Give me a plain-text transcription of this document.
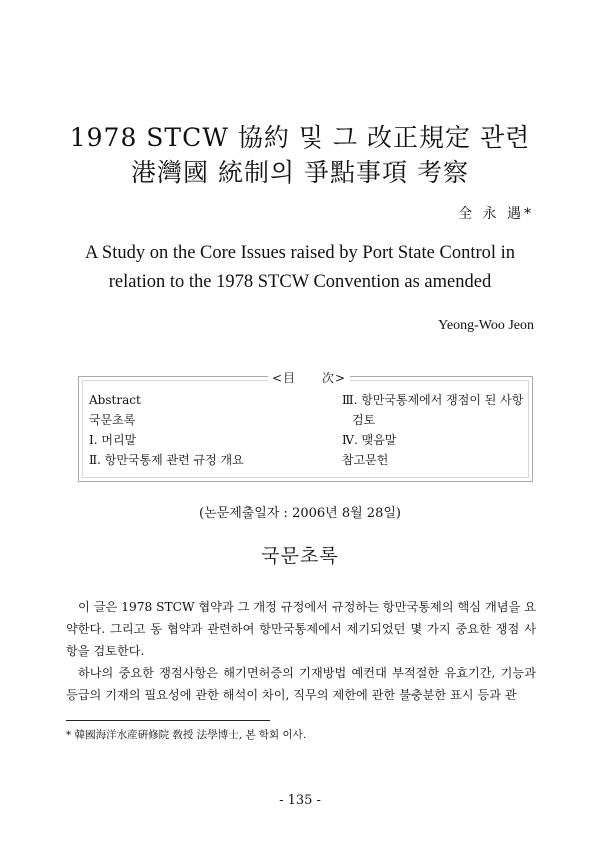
1978 STCW 協約 및 그 改正規定 관련
港灣國 統制의 爭點事項 考察
全 永 遇*
A Study on the Core Issues raised by Port State Control in
relation to the 1978 STCW Convention as amended
Yeong-Woo Jeon
<目　　次>
Abstract
국문초록
Ⅰ. 머리말
Ⅱ. 항만국통제 관련 규정 개요
Ⅲ. 항만국통제에서 쟁점이 된 사항
검토
Ⅳ. 맺음말
참고문헌
(논문제출일자 : 2006년 8월 28일)
국문초록

이 글은 1978 STCW 협약과 그 개정 규정에서 규정하는 항만국통제의 핵심 개념을 요약한다. 그리고 동 협약과 관련하여 항만국통제에서 제기되었던 몇 가지 중요한 쟁점 사항을 검토한다.

하나의 중요한 쟁점사항은 해기면허증의 기재방법 예컨대 부적절한 유효기간, 기능과 등급의 기재의 필요성에 관한 해석이 차이, 직무의 제한에 관한 불충분한 표시 등과 관

* 韓國海洋水産硏修院 敎授 法學博士, 본 학회 이사.
- 135 -
